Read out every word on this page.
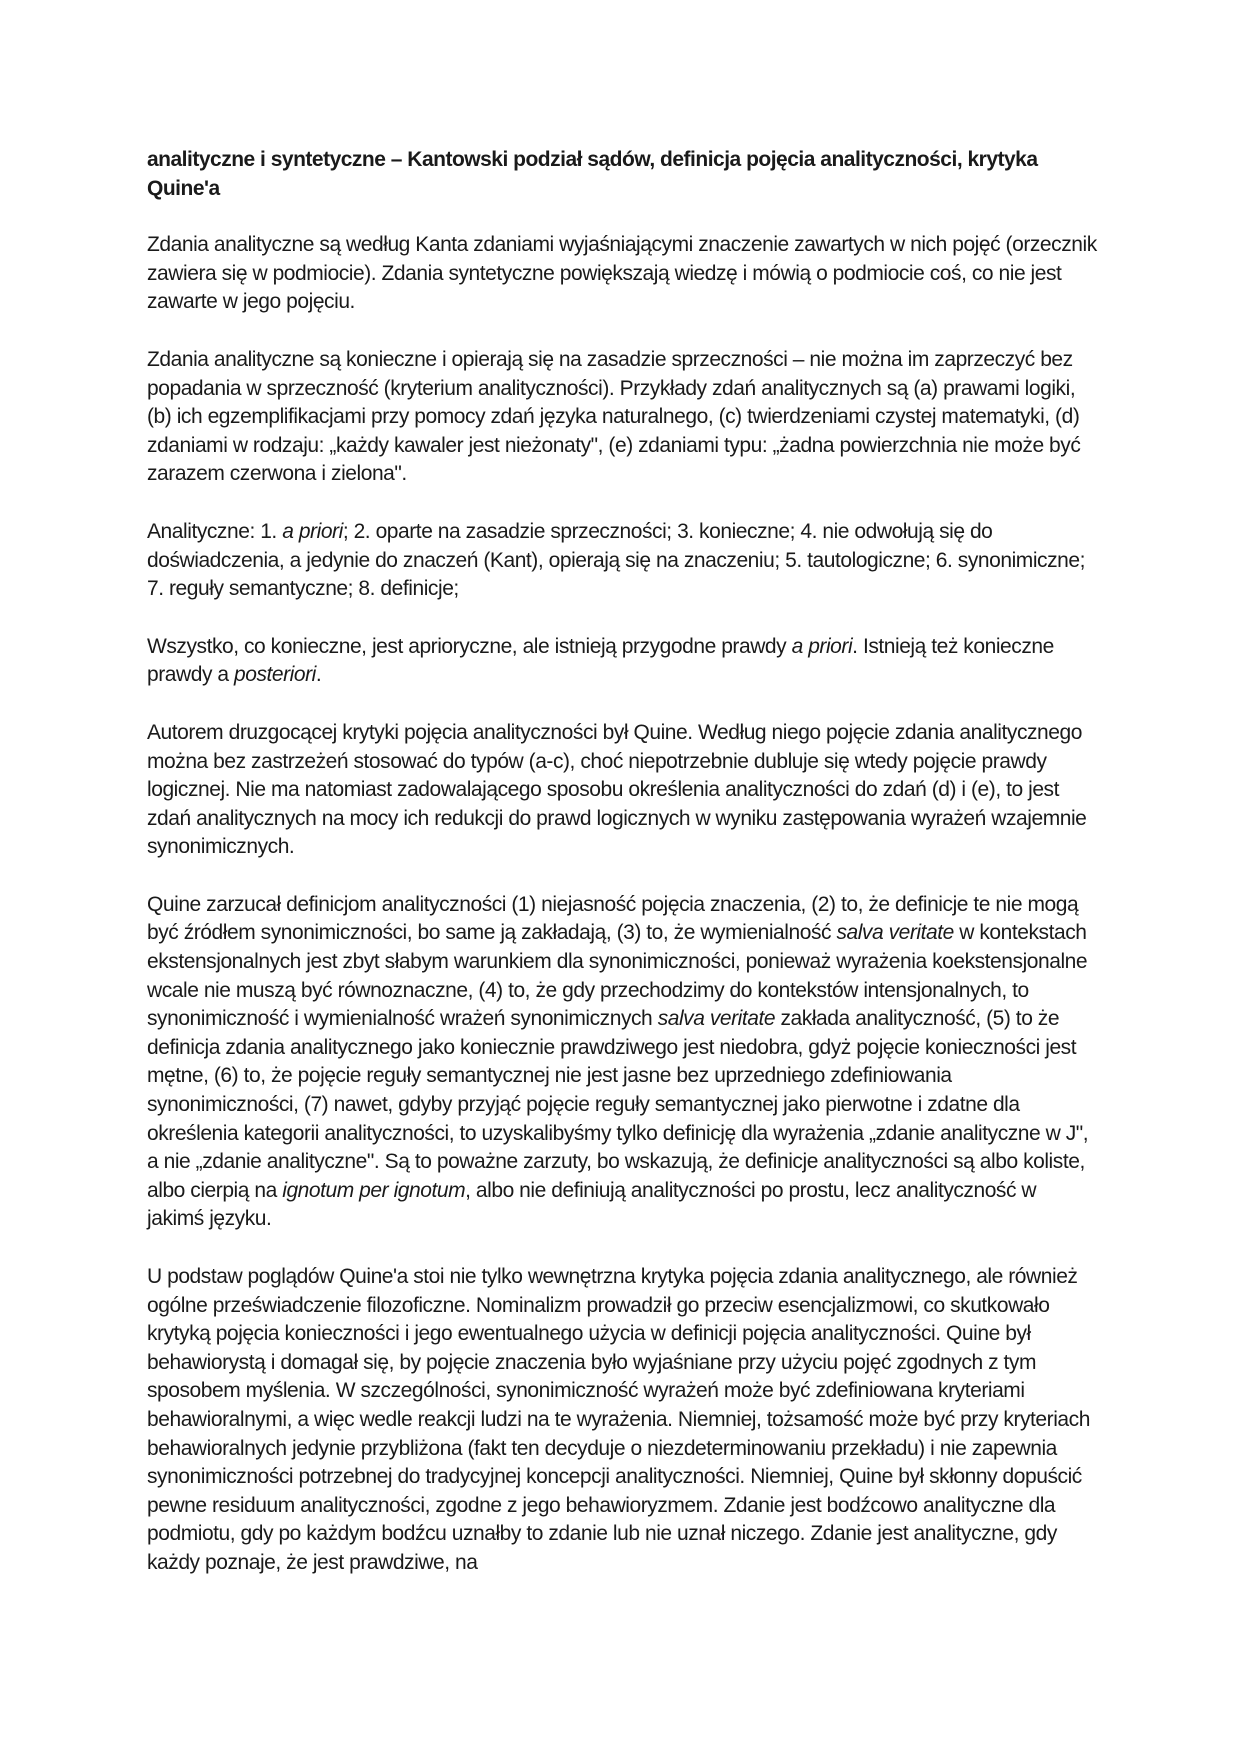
analityczne i syntetyczne – Kantowski podział sądów, definicja pojęcia analityczności, krytyka Quine'a

Zdania analityczne są według Kanta zdaniami wyjaśniającymi znaczenie zawartych w nich pojęć (orzecznik zawiera się w podmiocie). Zdania syntetyczne powiększają wiedzę i mówią o podmiocie coś, co nie jest zawarte w jego pojęciu.

Zdania analityczne są konieczne i opierają się na zasadzie sprzeczności – nie można im zaprzeczyć bez popadania w sprzeczność (kryterium analityczności). Przykłady zdań analitycznych są (a) prawami logiki, (b) ich egzemplifikacjami przy pomocy zdań języka naturalnego, (c) twierdzeniami czystej matematyki, (d) zdaniami w rodzaju: „każdy kawaler jest nieżonaty", (e) zdaniami typu: „żadna powierzchnia nie może być zarazem czerwona i zielona".

Analityczne: 1. a priori; 2. oparte na zasadzie sprzeczności; 3. konieczne; 4. nie odwołują się do doświadczenia, a jedynie do znaczeń (Kant), opierają się na znaczeniu; 5. tautologiczne; 6. synonimiczne; 7. reguły semantyczne; 8. definicje;

Wszystko, co konieczne, jest aprioryczne, ale istnieją przygodne prawdy a priori. Istnieją też konieczne prawdy a posteriori.

Autorem druzgocącej krytyki pojęcia analityczności był Quine. Według niego pojęcie zdania analitycznego można bez zastrzeżeń stosować do typów (a-c), choć niepotrzebnie dubluje się wtedy pojęcie prawdy logicznej. Nie ma natomiast zadowalającego sposobu określenia analityczności do zdań (d) i (e), to jest zdań analitycznych na mocy ich redukcji do prawd logicznych w wyniku zastępowania wyrażeń wzajemnie synonimicznych.

Quine zarzucał definicjom analityczności (1) niejasność pojęcia znaczenia, (2) to, że definicje te nie mogą być źródłem synonimiczności, bo same ją zakładają, (3) to, że wymienialność salva veritate w kontekstach ekstensjonalnych jest zbyt słabym warunkiem dla synonimiczności, ponieważ wyrażenia koekstensjonalne wcale nie muszą być równoznaczne, (4) to, że gdy przechodzimy do kontekstów intensjonalnych, to synonimiczność i wymienialność wrażeń synonimicznych salva veritate zakłada analityczność, (5) to że definicja zdania analitycznego jako koniecznie prawdziwego jest niedobra, gdyż pojęcie konieczności jest mętne, (6) to, że pojęcie reguły semantycznej nie jest jasne bez uprzedniego zdefiniowania synonimiczności, (7) nawet, gdyby przyjąć pojęcie reguły semantycznej jako pierwotne i zdatne dla określenia kategorii analityczności, to uzyskalibyśmy tylko definicję dla wyrażenia „zdanie analityczne w J", a nie „zdanie analityczne". Są to poważne zarzuty, bo wskazują, że definicje analityczności są albo koliste, albo cierpią na ignotum per ignotum, albo nie definiują analityczności po prostu, lecz analityczność w jakimś języku.

U podstaw poglądów Quine'a stoi nie tylko wewnętrzna krytyka pojęcia zdania analitycznego, ale również ogólne przeświadczenie filozoficzne. Nominalizm prowadził go przeciw esencjalizmowi, co skutkowało krytyką pojęcia konieczności i jego ewentualnego użycia w definicji pojęcia analityczności. Quine był behawiorystą i domagał się, by pojęcie znaczenia było wyjaśniane przy użyciu pojęć zgodnych z tym sposobem myślenia. W szczególności, synonimiczność wyrażeń może być zdefiniowana kryteriami behawioralnymi, a więc wedle reakcji ludzi na te wyrażenia. Niemniej, tożsamość może być przy kryteriach behawioralnych jedynie przybliżona (fakt ten decyduje o niezdeterminowaniu przekładu) i nie zapewnia synonimiczności potrzebnej do tradycyjnej koncepcji analityczności. Niemniej, Quine był skłonny dopuścić pewne residuum analityczności, zgodne z jego behawioryzmem. Zdanie jest bodźcowo analityczne dla podmiotu, gdy po każdym bodźcu uznałby to zdanie lub nie uznał niczego. Zdanie jest analityczne, gdy każdy poznaje, że jest prawdziwe, na
